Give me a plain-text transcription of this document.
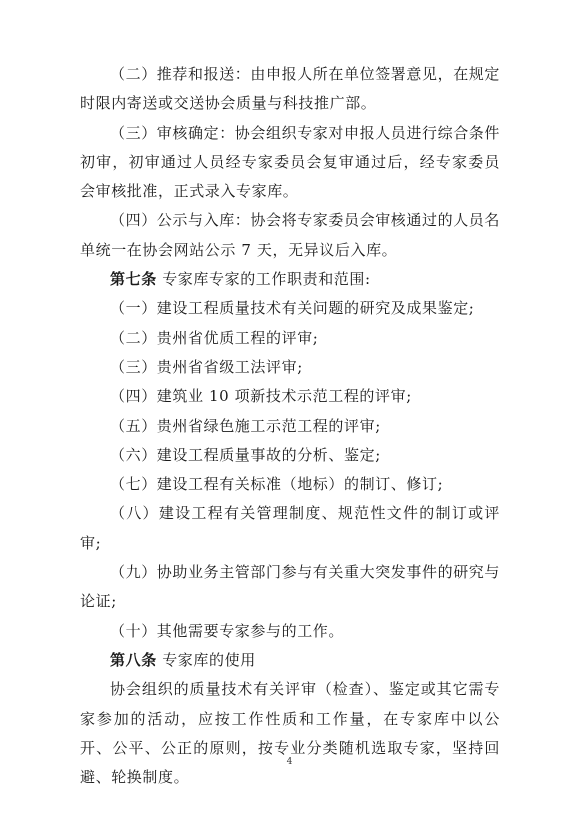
（二）推荐和报送：由申报人所在单位签署意见，在规定时限内寄送或交送协会质量与科技推广部。

（三）审核确定：协会组织专家对申报人员进行综合条件初审，初审通过人员经专家委员会复审通过后，经专家委员会审核批准，正式录入专家库。

（四）公示与入库：协会将专家委员会审核通过的人员名单统一在协会网站公示 7 天，无异议后入库。

第七条 专家库专家的工作职责和范围:

（一）建设工程质量技术有关问题的研究及成果鉴定;

（二）贵州省优质工程的评审;

（三）贵州省省级工法评审;

（四）建筑业 10 项新技术示范工程的评审;

（五）贵州省绿色施工示范工程的评审;

（六）建设工程质量事故的分析、鉴定;

（七）建设工程有关标准（地标）的制订、修订;

（八）建设工程有关管理制度、规范性文件的制订或评审;

（九）协助业务主管部门参与有关重大突发事件的研究与论证;

（十）其他需要专家参与的工作。

第八条 专家库的使用

协会组织的质量技术有关评审（检查）、鉴定或其它需专家参加的活动，应按工作性质和工作量，在专家库中以公开、公平、公正的原则，按专业分类随机选取专家，坚持回避、轮换制度。

4
